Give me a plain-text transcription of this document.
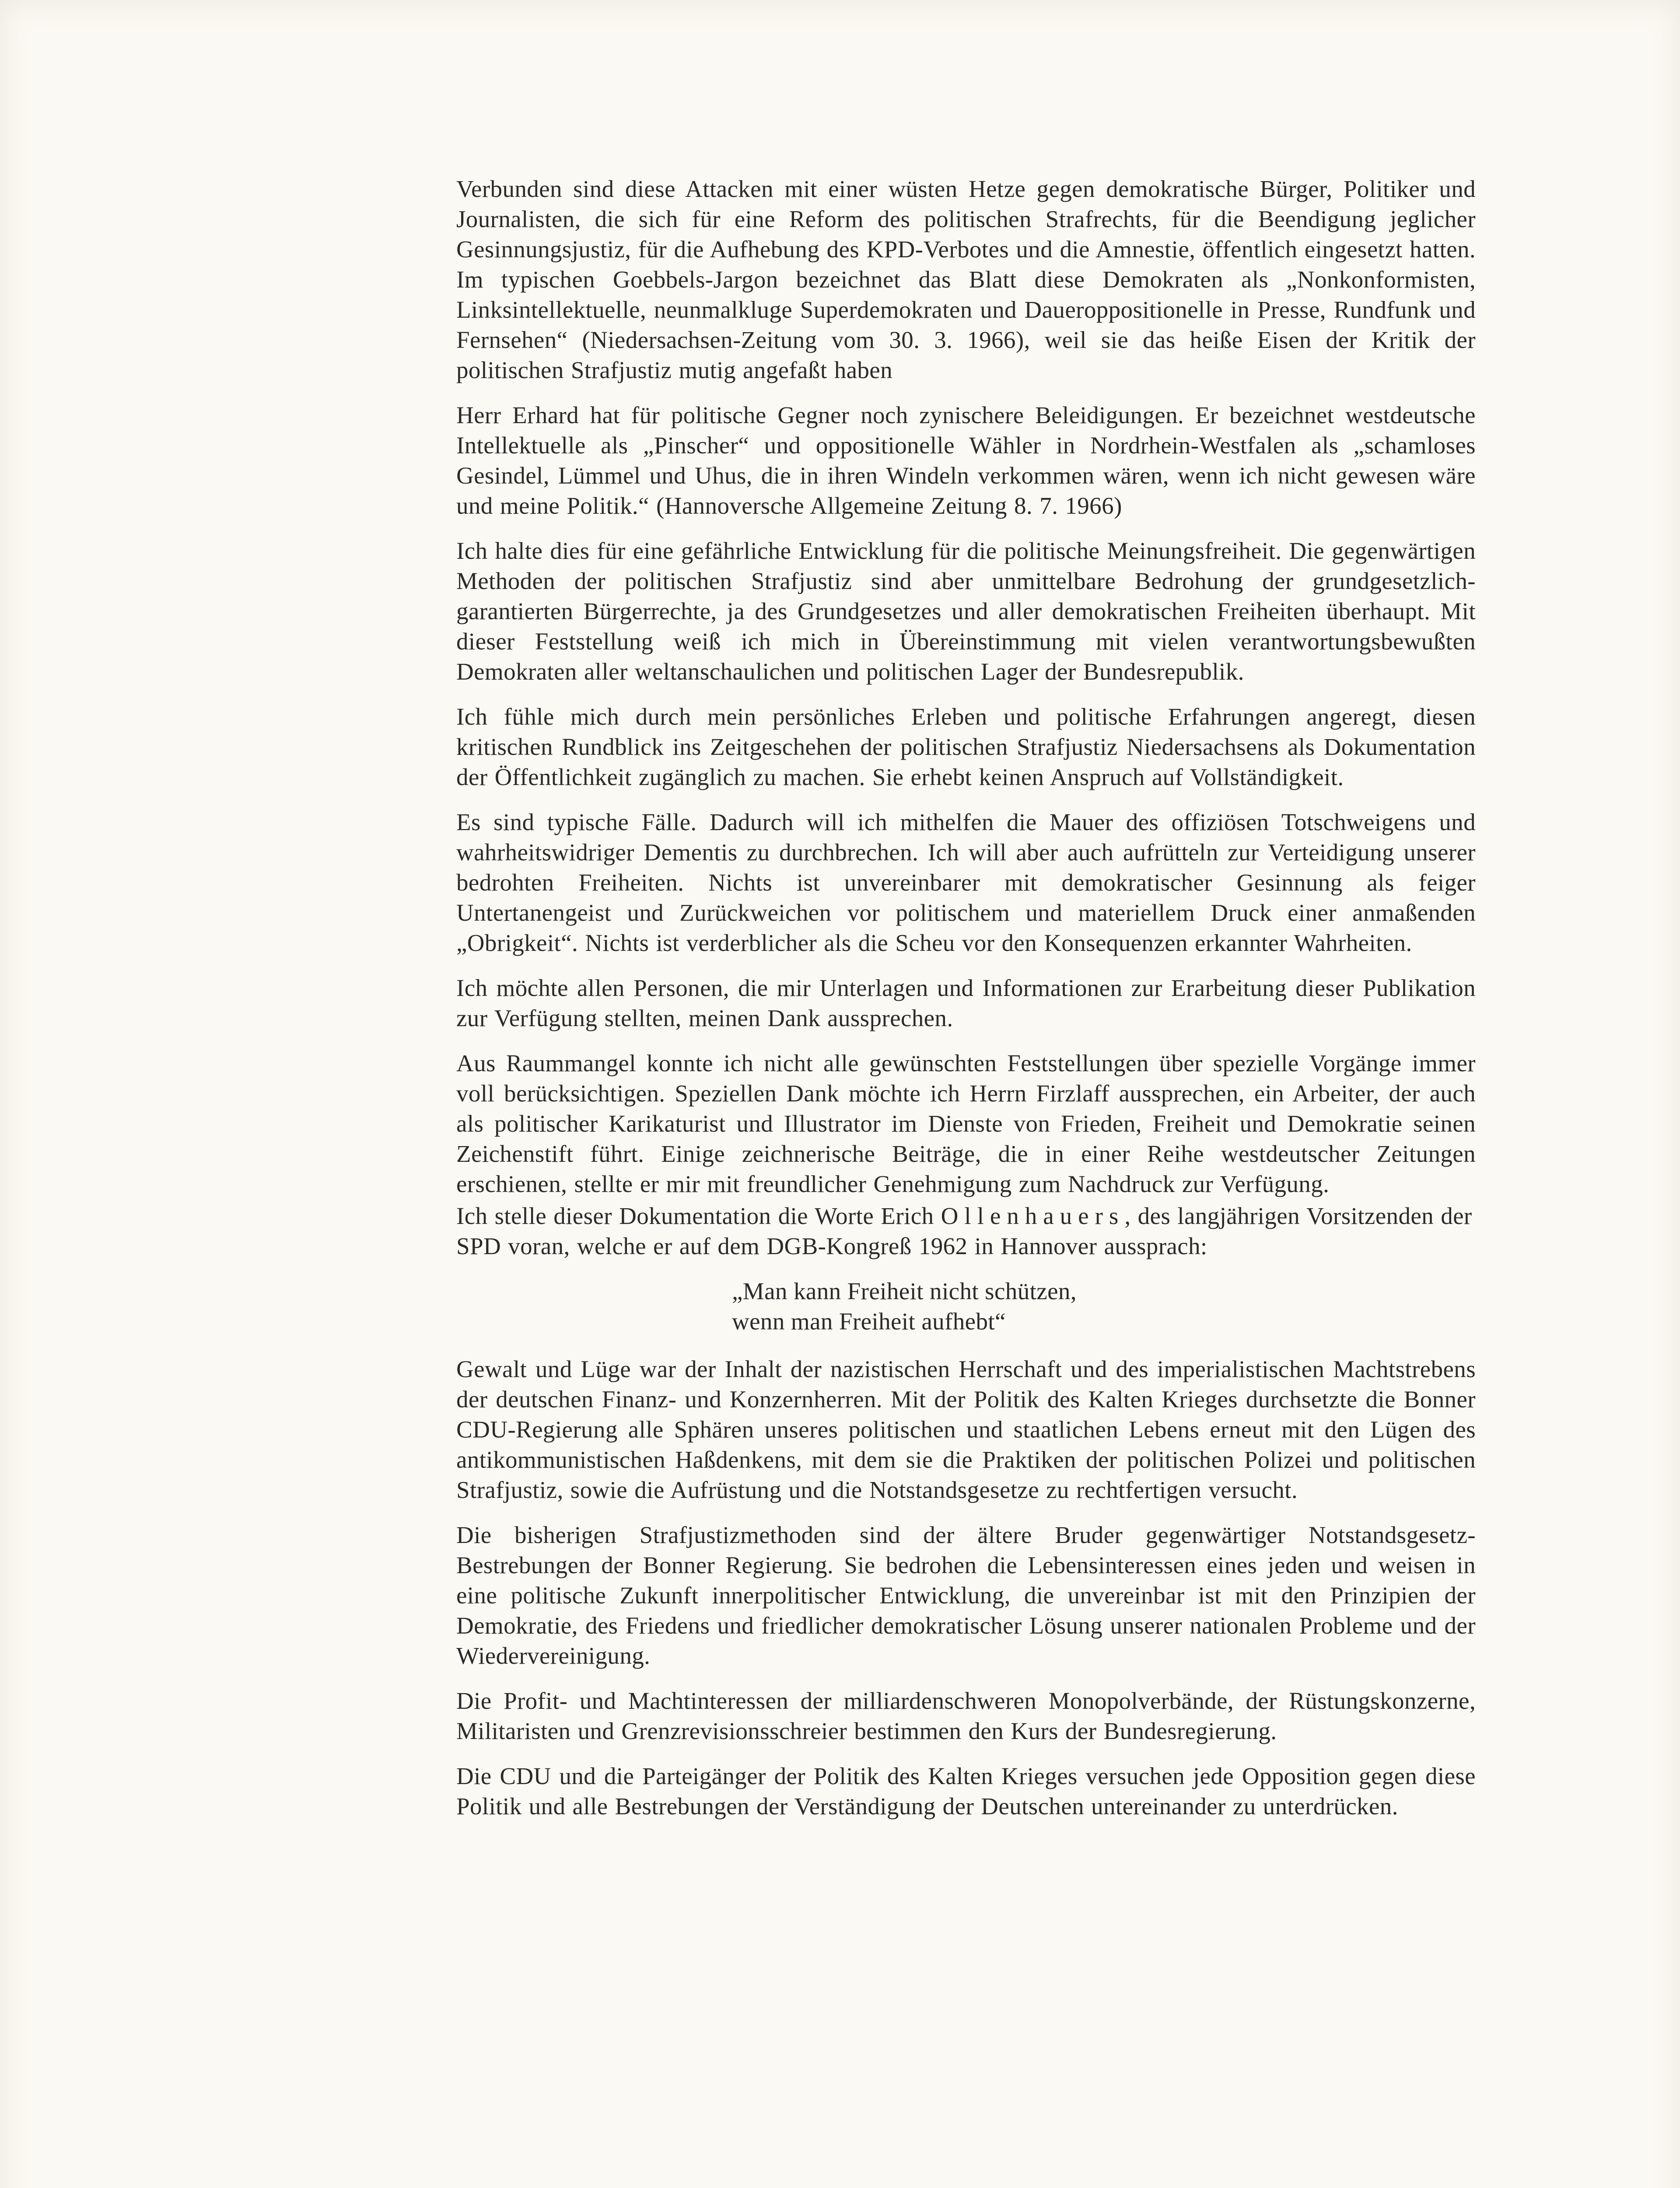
Verbunden sind diese Attacken mit einer wüsten Hetze gegen demokratische Bürger, Politiker und Journalisten, die sich für eine Reform des politischen Strafrechts, für die Beendigung jeglicher Gesinnungsjustiz, für die Aufhebung des KPD-Verbotes und die Amnestie, öffentlich eingesetzt hatten. Im typischen Goebbels-Jargon bezeichnet das Blatt diese Demokraten als „Nonkonformisten, Linksintellektuelle, neunmalkluge Superdemokraten und Daueroppositionelle in Presse, Rundfunk und Fernsehen“ (Niedersachsen-Zeitung vom 30. 3. 1966), weil sie das heiße Eisen der Kritik der politischen Strafjustiz mutig angefaßt haben

Herr Erhard hat für politische Gegner noch zynischere Beleidigungen. Er bezeichnet westdeutsche Intellektuelle als „Pinscher“ und oppositionelle Wähler in Nordrhein-Westfalen als „schamloses Gesindel, Lümmel und Uhus, die in ihren Windeln verkommen wären, wenn ich nicht gewesen wäre und meine Politik.“ (Hannoversche Allgemeine Zeitung 8. 7. 1966)

Ich halte dies für eine gefährliche Entwicklung für die politische Meinungsfreiheit. Die gegenwärtigen Methoden der politischen Strafjustiz sind aber unmittelbare Bedrohung der grundgesetzlich-garantierten Bürgerrechte, ja des Grundgesetzes und aller demokratischen Freiheiten überhaupt. Mit dieser Feststellung weiß ich mich in Übereinstimmung mit vielen verantwortungsbewußten Demokraten aller weltanschaulichen und politischen Lager der Bundesrepublik.

Ich fühle mich durch mein persönliches Erleben und politische Erfahrungen angeregt, diesen kritischen Rundblick ins Zeitgeschehen der politischen Strafjustiz Niedersachsens als Dokumentation der Öffentlichkeit zugänglich zu machen. Sie erhebt keinen Anspruch auf Vollständigkeit.

Es sind typische Fälle. Dadurch will ich mithelfen die Mauer des offiziösen Totschweigens und wahrheitswidriger Dementis zu durchbrechen. Ich will aber auch aufrütteln zur Verteidigung unserer bedrohten Freiheiten. Nichts ist unvereinbarer mit demokratischer Gesinnung als feiger Untertanengeist und Zurückweichen vor politischem und materiellem Druck einer anmaßenden „Obrigkeit“. Nichts ist verderblicher als die Scheu vor den Konsequenzen erkannter Wahrheiten.

Ich möchte allen Personen, die mir Unterlagen und Informationen zur Erarbeitung dieser Publikation zur Verfügung stellten, meinen Dank aussprechen.

Aus Raummangel konnte ich nicht alle gewünschten Feststellungen über spezielle Vorgänge immer voll berücksichtigen. Speziellen Dank möchte ich Herrn Firzlaff aussprechen, ein Arbeiter, der auch als politischer Karikaturist und Illustrator im Dienste von Frieden, Freiheit und Demokratie seinen Zeichenstift führt. Einige zeichnerische Beiträge, die in einer Reihe westdeutscher Zeitungen erschienen, stellte er mir mit freundlicher Genehmigung zum Nachdruck zur Verfügung.

Ich stelle dieser Dokumentation die Worte Erich Ollenhauers, des langjährigen Vorsitzenden der SPD voran, welche er auf dem DGB-Kongreß 1962 in Hannover aussprach:

„Man kann Freiheit nicht schützen,
wenn man Freiheit aufhebt“

Gewalt und Lüge war der Inhalt der nazistischen Herrschaft und des imperialistischen Machtstrebens der deutschen Finanz- und Konzernherren. Mit der Politik des Kalten Krieges durchsetzte die Bonner CDU-Regierung alle Sphären unseres politischen und staatlichen Lebens erneut mit den Lügen des antikommunistischen Haßdenkens, mit dem sie die Praktiken der politischen Polizei und politischen Strafjustiz, sowie die Aufrüstung und die Notstandsgesetze zu rechtfertigen versucht.

Die bisherigen Strafjustizmethoden sind der ältere Bruder gegenwärtiger Notstandsgesetz-Bestrebungen der Bonner Regierung. Sie bedrohen die Lebensinteressen eines jeden und weisen in eine politische Zukunft innerpolitischer Entwicklung, die unvereinbar ist mit den Prinzipien der Demokratie, des Friedens und friedlicher demokratischer Lösung unserer nationalen Probleme und der Wiedervereinigung.

Die Profit- und Machtinteressen der milliardenschweren Monopolverbände, der Rüstungskonzerne, Militaristen und Grenzrevisionsschreier bestimmen den Kurs der Bundesregierung.

Die CDU und die Parteigänger der Politik des Kalten Krieges versuchen jede Opposition gegen diese Politik und alle Bestrebungen der Verständigung der Deutschen untereinander zu unterdrücken.
